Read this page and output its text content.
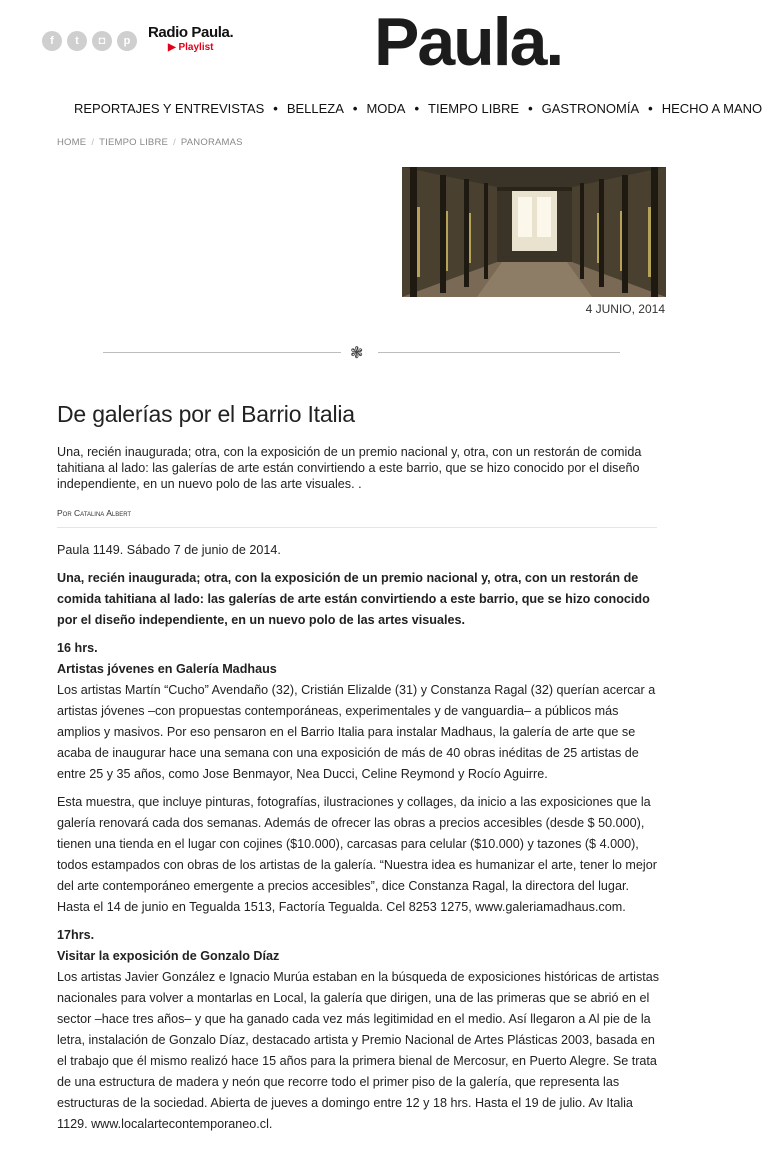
f	t	◘	p	Radio Paula.
▶ Playlist Paula.
REPORTAJES Y ENTREVISTAS • BELLEZA • MODA • TIEMPO LIBRE • GASTRONOMÍA • HECHO A MANO
HOME / TIEMPO LIBRE / PANORAMAS
4 JUNIO, 2014
❃
De galerías por el Barrio Italia

Una, recién inaugurada; otra, con la exposición de un premio nacional y, otra, con un restorán de comida tahitiana al lado: las galerías de arte están convirtiendo a este barrio, que se hizo conocido por el diseño independiente, en un nuevo polo de las arte visuales. .

Por Catalina Albert

Paula 1149. Sábado 7 de junio de 2014.

Una, recién inaugurada; otra, con la exposición de un premio nacional y, otra, con un restorán de comida tahitiana al lado: las galerías de arte están convirtiendo a este barrio, que se hizo conocido por el diseño independiente, en un nuevo polo de las artes visuales.

16 hrs.

Artistas jóvenes en Galería Madhaus

Los artistas Martín “Cucho” Avendaño (32), Cristián Elizalde (31) y Constanza Ragal (32) querían acercar a artistas jóvenes –con propuestas contemporáneas, experimentales y de vanguardia– a públicos más amplios y masivos. Por eso pensaron en el Barrio Italia para instalar Madhaus, la galería de arte que se acaba de inaugurar hace una semana con una exposición de más de 40 obras inéditas de 25 artistas de entre 25 y 35 años, como Jose Benmayor, Nea Ducci, Celine Reymond y Rocío Aguirre.

Esta muestra, que incluye pinturas, fotografías, ilustraciones y collages, da inicio a las exposiciones que la galería renovará cada dos semanas. Además de ofrecer las obras a precios accesibles (desde $ 50.000), tienen una tienda en el lugar con cojines ($10.000), carcasas para celular ($10.000) y tazones ($ 4.000), todos estampados con obras de los artistas de la galería. “Nuestra idea es humanizar el arte, tener lo mejor del arte contemporáneo emergente a precios accesibles”, dice Constanza Ragal, la directora del lugar. Hasta el 14 de junio en Tegualda 1513, Factoría Tegualda. Cel 8253 1275, www.galeriamadhaus.com.

17hrs.

Visitar la exposición de Gonzalo Díaz

Los artistas Javier González e Ignacio Murúa estaban en la búsqueda de exposiciones históricas de artistas nacionales para volver a montarlas en Local, la galería que dirigen, una de las primeras que se abrió en el sector –hace tres años– y que ha ganado cada vez más legitimidad en el medio. Así llegaron a Al pie de la letra, instalación de Gonzalo Díaz, destacado artista y Premio Nacional de Artes Plásticas 2003, basada en el trabajo que él mismo realizó hace 15 años para la primera bienal de Mercosur, en Puerto Alegre. Se trata de una estructura de madera y neón que recorre todo el primer piso de la galería, que representa las estructuras de la sociedad. Abierta de jueves a domingo entre 12 y 18 hrs. Hasta el 19 de julio. Av Italia 1129. www.localartecontemporaneo.cl.
